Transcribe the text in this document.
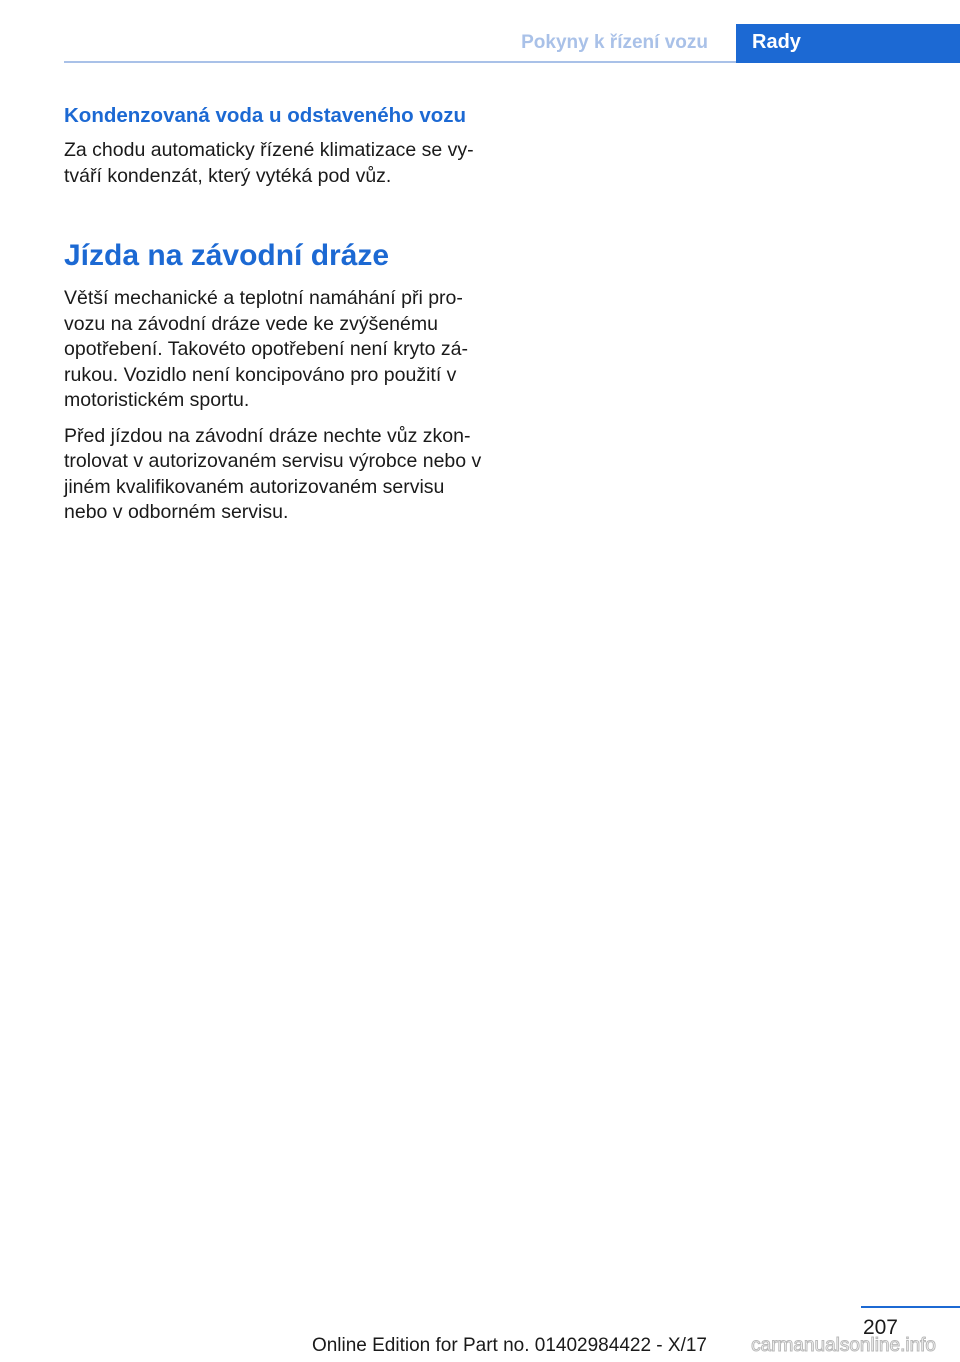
Pokyny k řízení vozu	Rady
Kondenzovaná voda u odstaveného vozu

Za chodu automaticky řízené klimatizace se vy‐tváří kondenzát, který vytéká pod vůz.

Jízda na závodní dráze

Větší mechanické a teplotní namáhání při pro‐vozu na závodní dráze vede ke zvýšenému opotřebení. Takovéto opotřebení není kryto zá‐rukou. Vozidlo není koncipováno pro použití v motoristickém sportu.

Před jízdou na závodní dráze nechte vůz zkon‐trolovat v autorizovaném servisu výrobce nebo v jiném kvalifikovaném autorizovaném servisu nebo v odborném servisu.

207
carmanualsonline.info
Online Edition for Part no. 01402984422 - X/17
